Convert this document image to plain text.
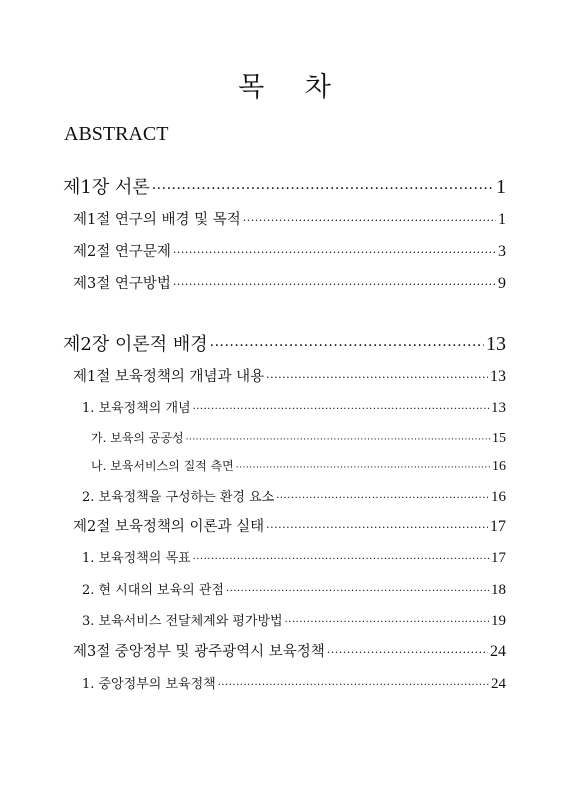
목 차
ABSTRACT
제1장 서론 ·····	1
제1절 연구의 배경 및 목적 ·····	1
제2절 연구문제 ·····	3
제3절 연구방법 ·····	9
제2장 이론적 배경 ·····	13
제1절 보육정책의 개념과 내용 ·····	13
1. 보육정책의 개념 ·····	13
가. 보육의 공공성 ·····	15
나. 보육서비스의 질적 측면 ·····	16
2. 보육정책을 구성하는 환경 요소 ·····	16
제2절 보육정책의 이론과 실태 ·····	17
1. 보육정책의 목표 ·····	17
2. 현 시대의 보육의 관점 ·····	18
3. 보육서비스 전달체계와 평가방법 ·····	19
제3절 중앙정부 및 광주광역시 보육정책 ·····	24
1. 중앙정부의 보육정책 ·····	24
